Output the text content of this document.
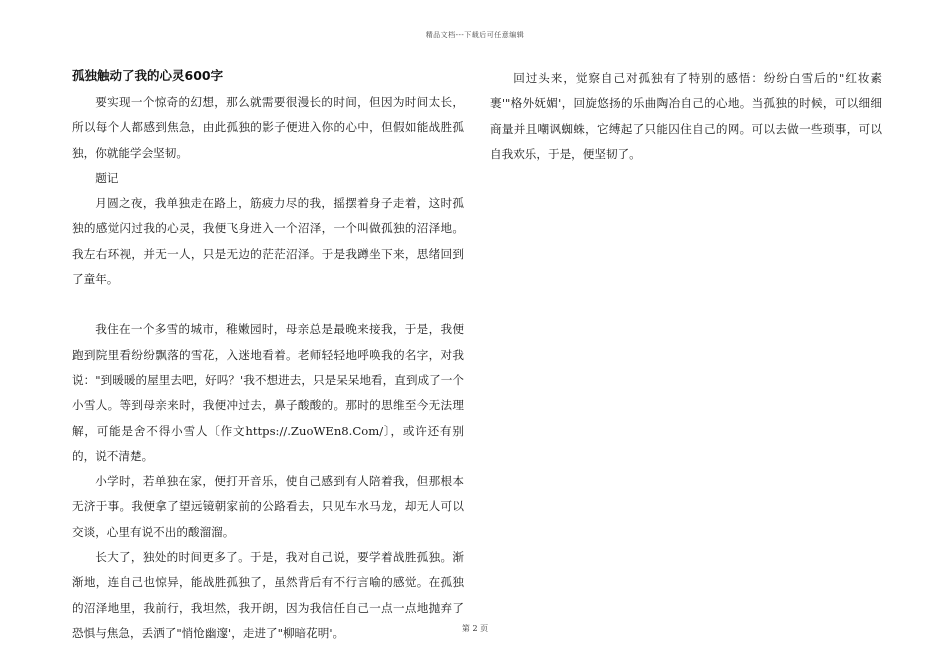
精品文档---下载后可任意编辑
孤独触动了我的心灵600字

要实现一个惊奇的幻想，那么就需要很漫长的时间，但因为时间太长，所以每个人都感到焦急，由此孤独的影子便进入你的心中，但假如能战胜孤独，你就能学会坚韧。

题记

月圆之夜，我单独走在路上，筋疲力尽的我，摇摆着身子走着，这时孤独的感觉闪过我的心灵，我便飞身进入一个沼泽，一个叫做孤独的沼泽地。我左右环视，并无一人，只是无边的茫茫沼泽。于是我蹲坐下来，思绪回到了童年。

我住在一个多雪的城市，稚嫩园时，母亲总是最晚来接我，于是，我便跑到院里看纷纷飘落的雪花，入迷地看着。老师轻轻地呼唤我的名字，对我说："到暖暖的屋里去吧，好吗？'我不想进去，只是呆呆地看，直到成了一个小雪人。等到母亲来时，我便冲过去，鼻子酸酸的。那时的思维至今无法理解，可能是舍不得小雪人〔作文https://.ZuoWEn8.Com/〕，或许还有别的，说不清楚。

小学时，若单独在家，便打开音乐，使自己感到有人陪着我，但那根本无济于事。我便拿了望远镜朝家前的公路看去，只见车水马龙，却无人可以交谈，心里有说不出的酸溜溜。

长大了，独处的时间更多了。于是，我对自己说，要学着战胜孤独。渐渐地，连自己也惊异，能战胜孤独了，虽然背后有不行言喻的感觉。在孤独的沼泽地里，我前行，我坦然，我开朗，因为我信任自己一点一点地抛弃了恐惧与焦急，丢洒了"悄怆幽邃'，走进了"柳暗花明'。

回过头来，觉察自己对孤独有了特别的感悟：纷纷白雪后的"红妆素裹'"格外妩媚'，回旋悠扬的乐曲陶冶自己的心地。当孤独的时候，可以细细商量并且嘲讽蜘蛛，它缚起了只能囚住自己的网。可以去做一些琐事，可以自我欢乐，于是，便坚韧了。

第 2 页
